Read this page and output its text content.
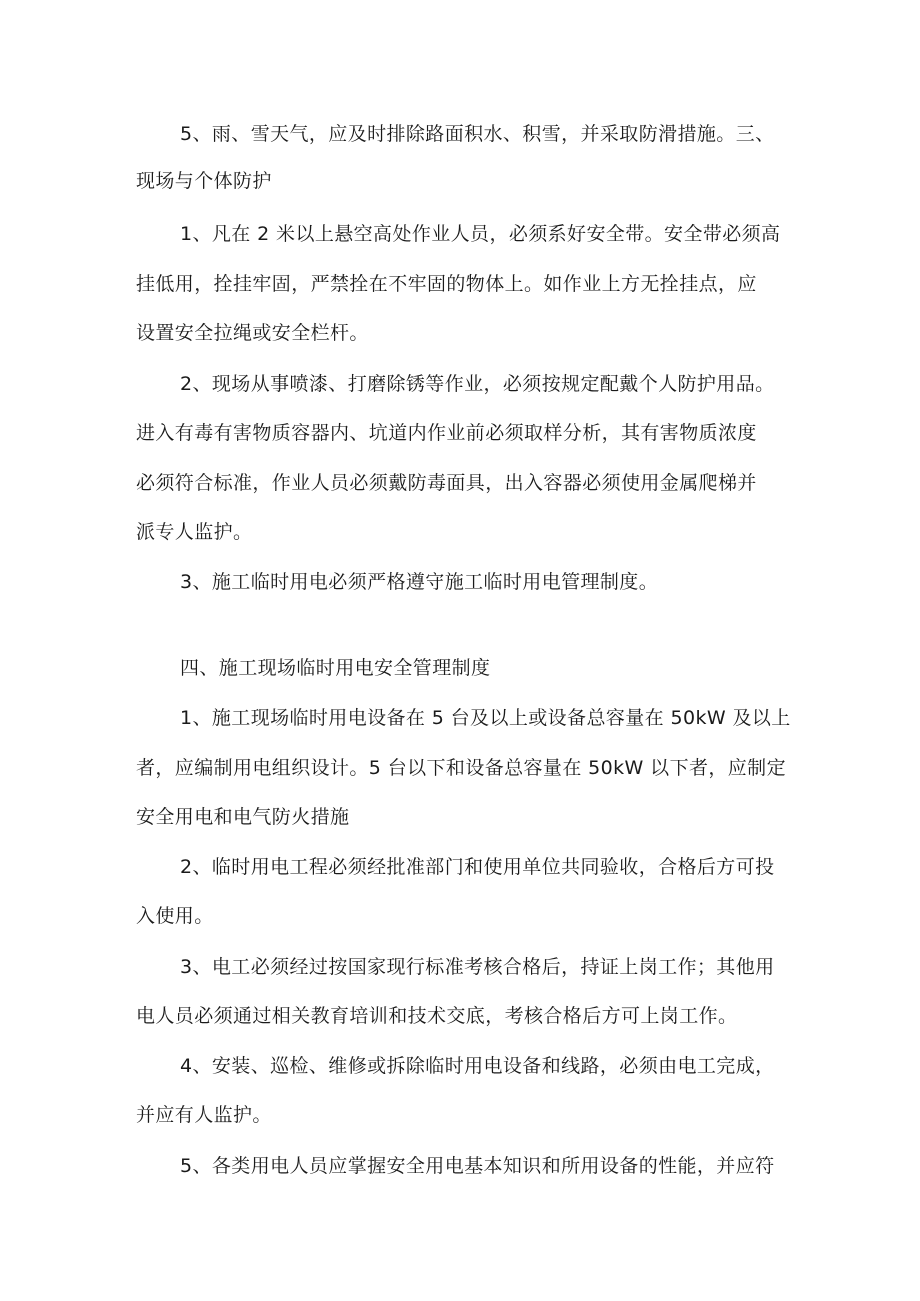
5、雨、雪天气，应及时排除路面积水、积雪，并采取防滑措施。三、
现场与个体防护
1、凡在 2 米以上悬空高处作业人员，必须系好安全带。安全带必须高
挂低用，拴挂牢固，严禁拴在不牢固的物体上。如作业上方无拴挂点，应
设置安全拉绳或安全栏杆。
2、现场从事喷漆、打磨除锈等作业，必须按规定配戴个人防护用品。
进入有毒有害物质容器内、坑道内作业前必须取样分析，其有害物质浓度
必须符合标准，作业人员必须戴防毒面具，出入容器必须使用金属爬梯并
派专人监护。
3、施工临时用电必须严格遵守施工临时用电管理制度。
四、施工现场临时用电安全管理制度
1、施工现场临时用电设备在 5 台及以上或设备总容量在 50kW 及以上
者，应编制用电组织设计。5 台以下和设备总容量在 50kW 以下者，应制定
安全用电和电气防火措施
2、临时用电工程必须经批准部门和使用单位共同验收，合格后方可投
入使用。
3、电工必须经过按国家现行标准考核合格后，持证上岗工作；其他用
电人员必须通过相关教育培训和技术交底，考核合格后方可上岗工作。
4、安装、巡检、维修或拆除临时用电设备和线路，必须由电工完成，
并应有人监护。
5、各类用电人员应掌握安全用电基本知识和所用设备的性能，并应符
